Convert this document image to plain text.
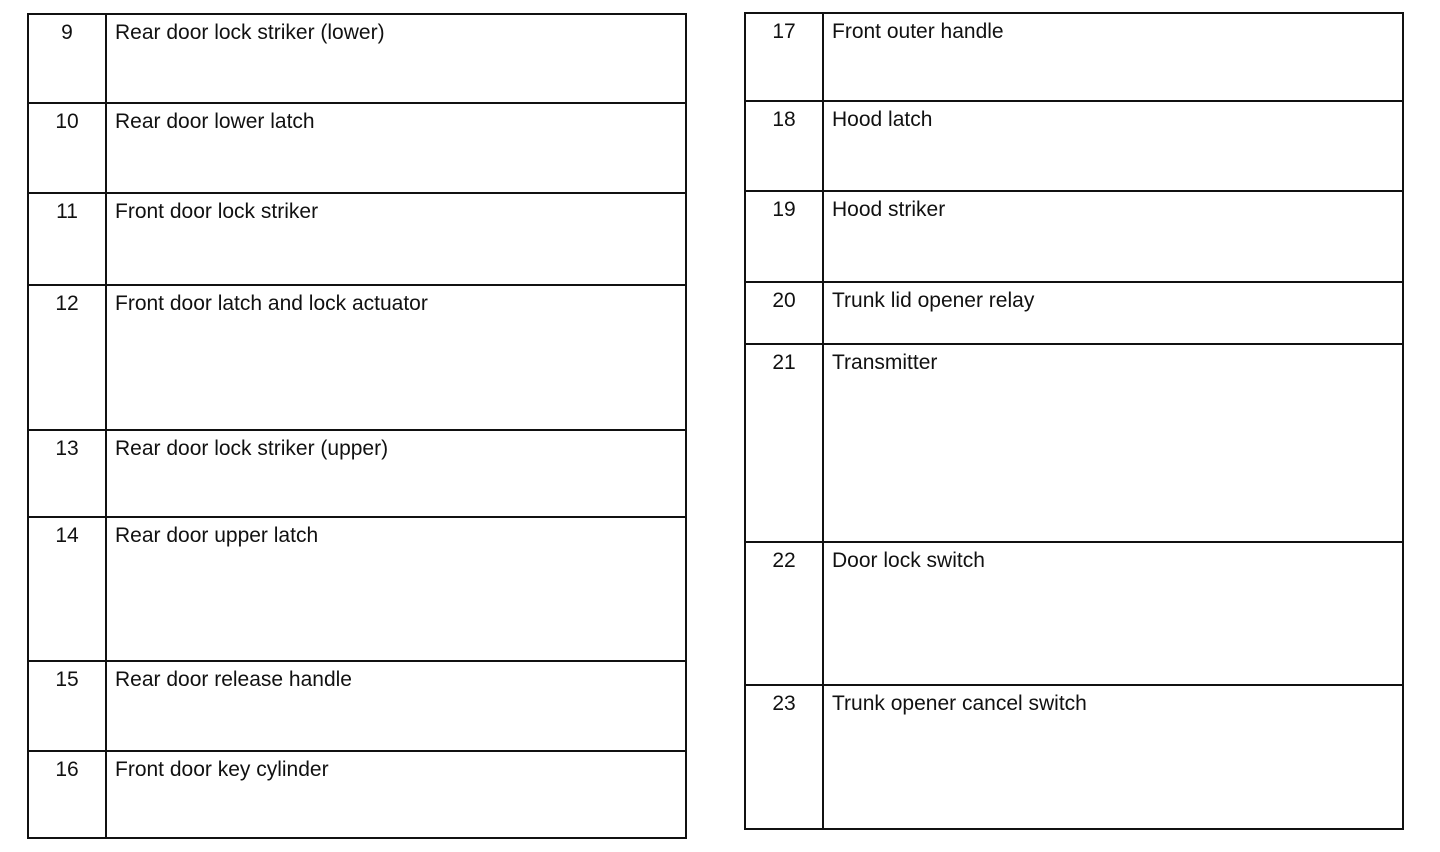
9	Rear door lock striker (lower)
10	Rear door lower latch
11	Front door lock striker
12	Front door latch and lock actuator
13	Rear door lock striker (upper)
14	Rear door upper latch
15	Rear door release handle
16	Front door key cylinder
17	Front outer handle
18	Hood latch
19	Hood striker
20	Trunk lid opener relay
21	Transmitter
22	Door lock switch
23	Trunk opener cancel switch
